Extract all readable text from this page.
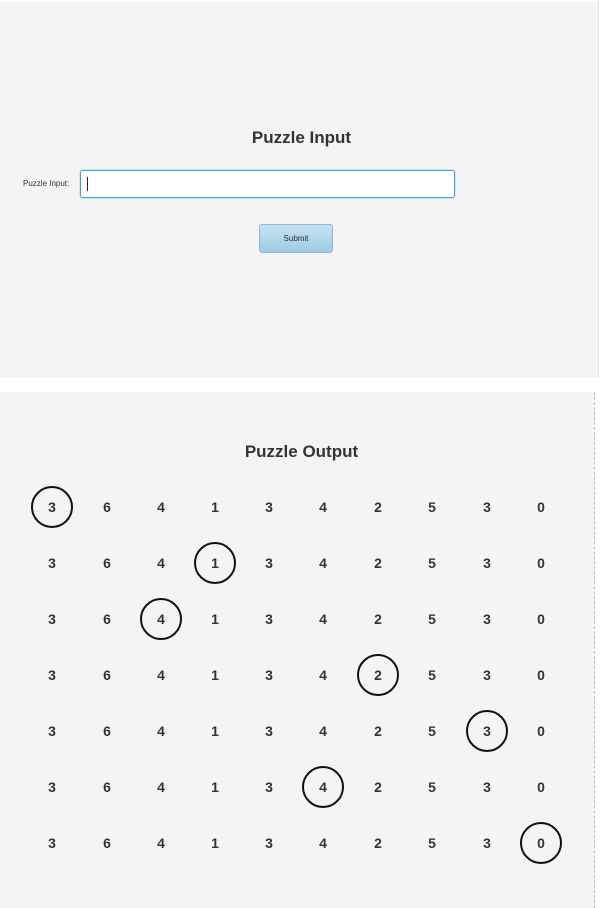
Puzzle Input
Puzzle Input:
Submit
Puzzle Output
3	6	4	1	3	4	2	5	3	0
3	6	4	1	3	4	2	5	3	0
3	6	4	1	3	4	2	5	3	0
3	6	4	1	3	4	2	5	3	0
3	6	4	1	3	4	2	5	3	0
3	6	4	1	3	4	2	5	3	0
3	6	4	1	3	4	2	5	3	0
